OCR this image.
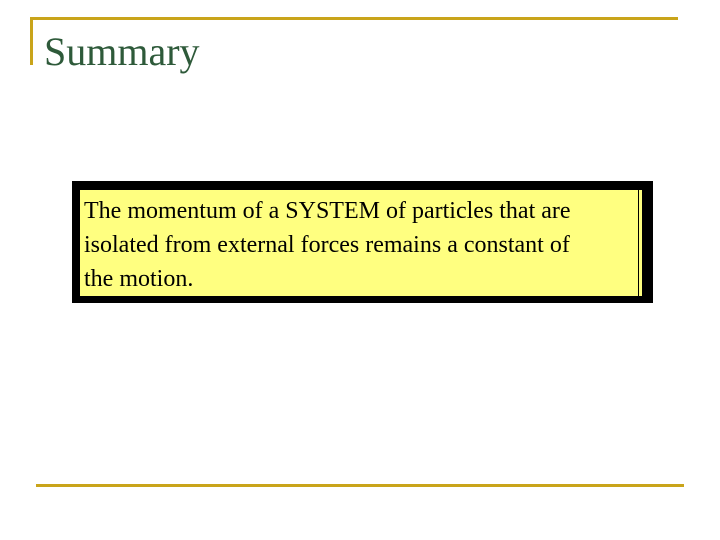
Summary

The momentum of a SYSTEM of particles that are
isolated from external forces remains a constant of
the motion.
